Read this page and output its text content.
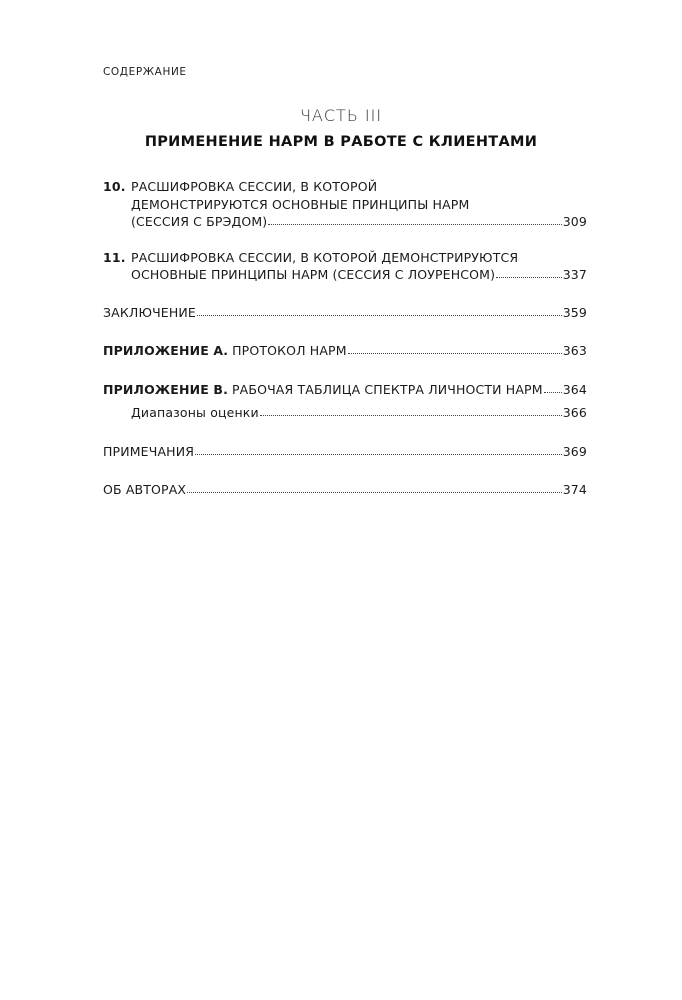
СОДЕРЖАНИЕ
ЧАСТЬ III
ПРИМЕНЕНИЕ НАРМ В РАБОТЕ С КЛИЕНТАМИ
10. РАСШИФРОВКА СЕССИИ, В КОТОРОЙ
ДЕМОНСТРИРУЮТСЯ ОСНОВНЫЕ ПРИНЦИПЫ НАРМ
(СЕССИЯ С БРЭДОМ)	309
11. РАСШИФРОВКА СЕССИИ, В КОТОРОЙ ДЕМОНСТРИРУЮТСЯ
ОСНОВНЫЕ ПРИНЦИПЫ НАРМ (СЕССИЯ С ЛОУРЕНСОМ)	337
ЗАКЛЮЧЕНИЕ	359
ПРИЛОЖЕНИЕ А. ПРОТОКОЛ НАРМ	363
ПРИЛОЖЕНИЕ В. РАБОЧАЯ ТАБЛИЦА СПЕКТРА ЛИЧНОСТИ НАРМ 364
Диапазоны оценки	366
ПРИМЕЧАНИЯ	369
ОБ АВТОРАХ	374
